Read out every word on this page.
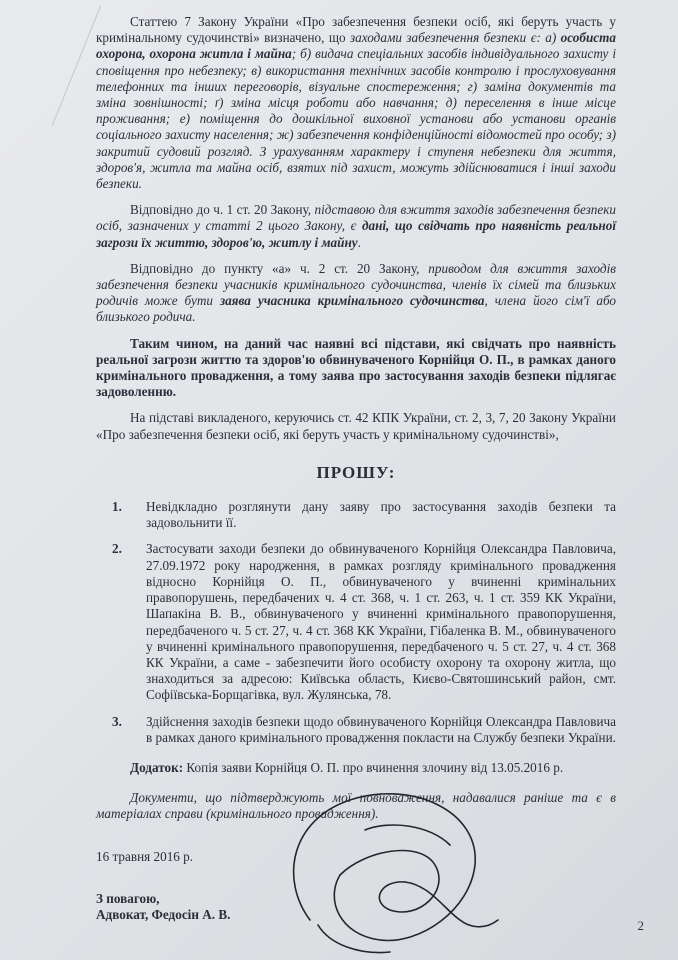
Статтею 7 Закону України «Про забезпечення безпеки осіб, які беруть участь у кримінальному судочинстві» визначено, що заходами забезпечення безпеки є: а) особиста охорона, охорона житла і майна; б) видача спеціальних засобів індивідуального захисту і сповіщення про небезпеку; в) використання технічних засобів контролю і прослуховування телефонних та інших переговорів, візуальне спостереження; г) заміна документів та зміна зовнішності; ґ) зміна місця роботи або навчання; д) переселення в інше місце проживання; е) поміщення до дошкільної виховної установи або установи органів соціального захисту населення; ж) забезпечення конфіденційності відомостей про особу; з) закритий судовий розгляд. З урахуванням характеру і ступеня небезпеки для життя, здоров'я, житла та майна осіб, взятих під захист, можуть здійснюватися і інші заходи безпеки.

Відповідно до ч. 1 ст. 20 Закону, підставою для вжиття заходів забезпечення безпеки осіб, зазначених у статті 2 цього Закону, є дані, що свідчать про наявність реальної загрози їх життю, здоров'ю, житлу і майну.

Відповідно до пункту «а» ч. 2 ст. 20 Закону, приводом для вжиття заходів забезпечення безпеки учасників кримінального судочинства, членів їх сімей та близьких родичів може бути заява учасника кримінального судочинства, члена його сім'ї або близького родича.

Таким чином, на даний час наявні всі підстави, які свідчать про наявність реальної загрози життю та здоров'ю обвинуваченого Корнійця О. П., в рамках даного кримінального провадження, а тому заява про застосування заходів безпеки підлягає задоволенню.

На підставі викладеного, керуючись ст. 42 КПК України, ст. 2, 3, 7, 20 Закону України «Про забезпечення безпеки осіб, які беруть участь у кримінальному судочинстві»,

ПРОШУ:
1.	Невідкладно розглянути дану заяву про застосування заходів безпеки та задовольнити її.
2.	Застосувати заходи безпеки до обвинуваченого Корнійця Олександра Павловича, 27.09.1972 року народження, в рамках розгляду кримінального провадження відносно Корнійця О. П., обвинуваченого у вчиненні кримінальних правопорушень, передбачених ч. 4 ст. 368, ч. 1 ст. 263, ч. 1 ст. 359 КК України, Шапакіна В. В., обвинуваченого у вчиненні кримінального правопорушення, передбаченого ч. 5 ст. 27, ч. 4 ст. 368 КК України, Гібаленка В. М., обвинуваченого у вчиненні кримінального правопорушення, передбаченого ч. 5 ст. 27, ч. 4 ст. 368 КК України, а саме - забезпечити його особисту охорону та охорону житла, що знаходиться за адресою: Київська область, Києво-Святошинський район, смт. Софіївська-Борщагівка, вул. Жулянська, 78.
3.	Здійснення заходів безпеки щодо обвинуваченого Корнійця Олександра Павловича в рамках даного кримінального провадження покласти на Службу безпеки України.

Додаток: Копія заяви Корнійця О. П. про вчинення злочину від 13.05.2016 р.

Документи, що підтверджують мої повноваження, надавалися раніше та є в матеріалах справи (кримінального провадження).

16 травня 2016 р.

З повагою,
Адвокат, Федосін А. В.
2
